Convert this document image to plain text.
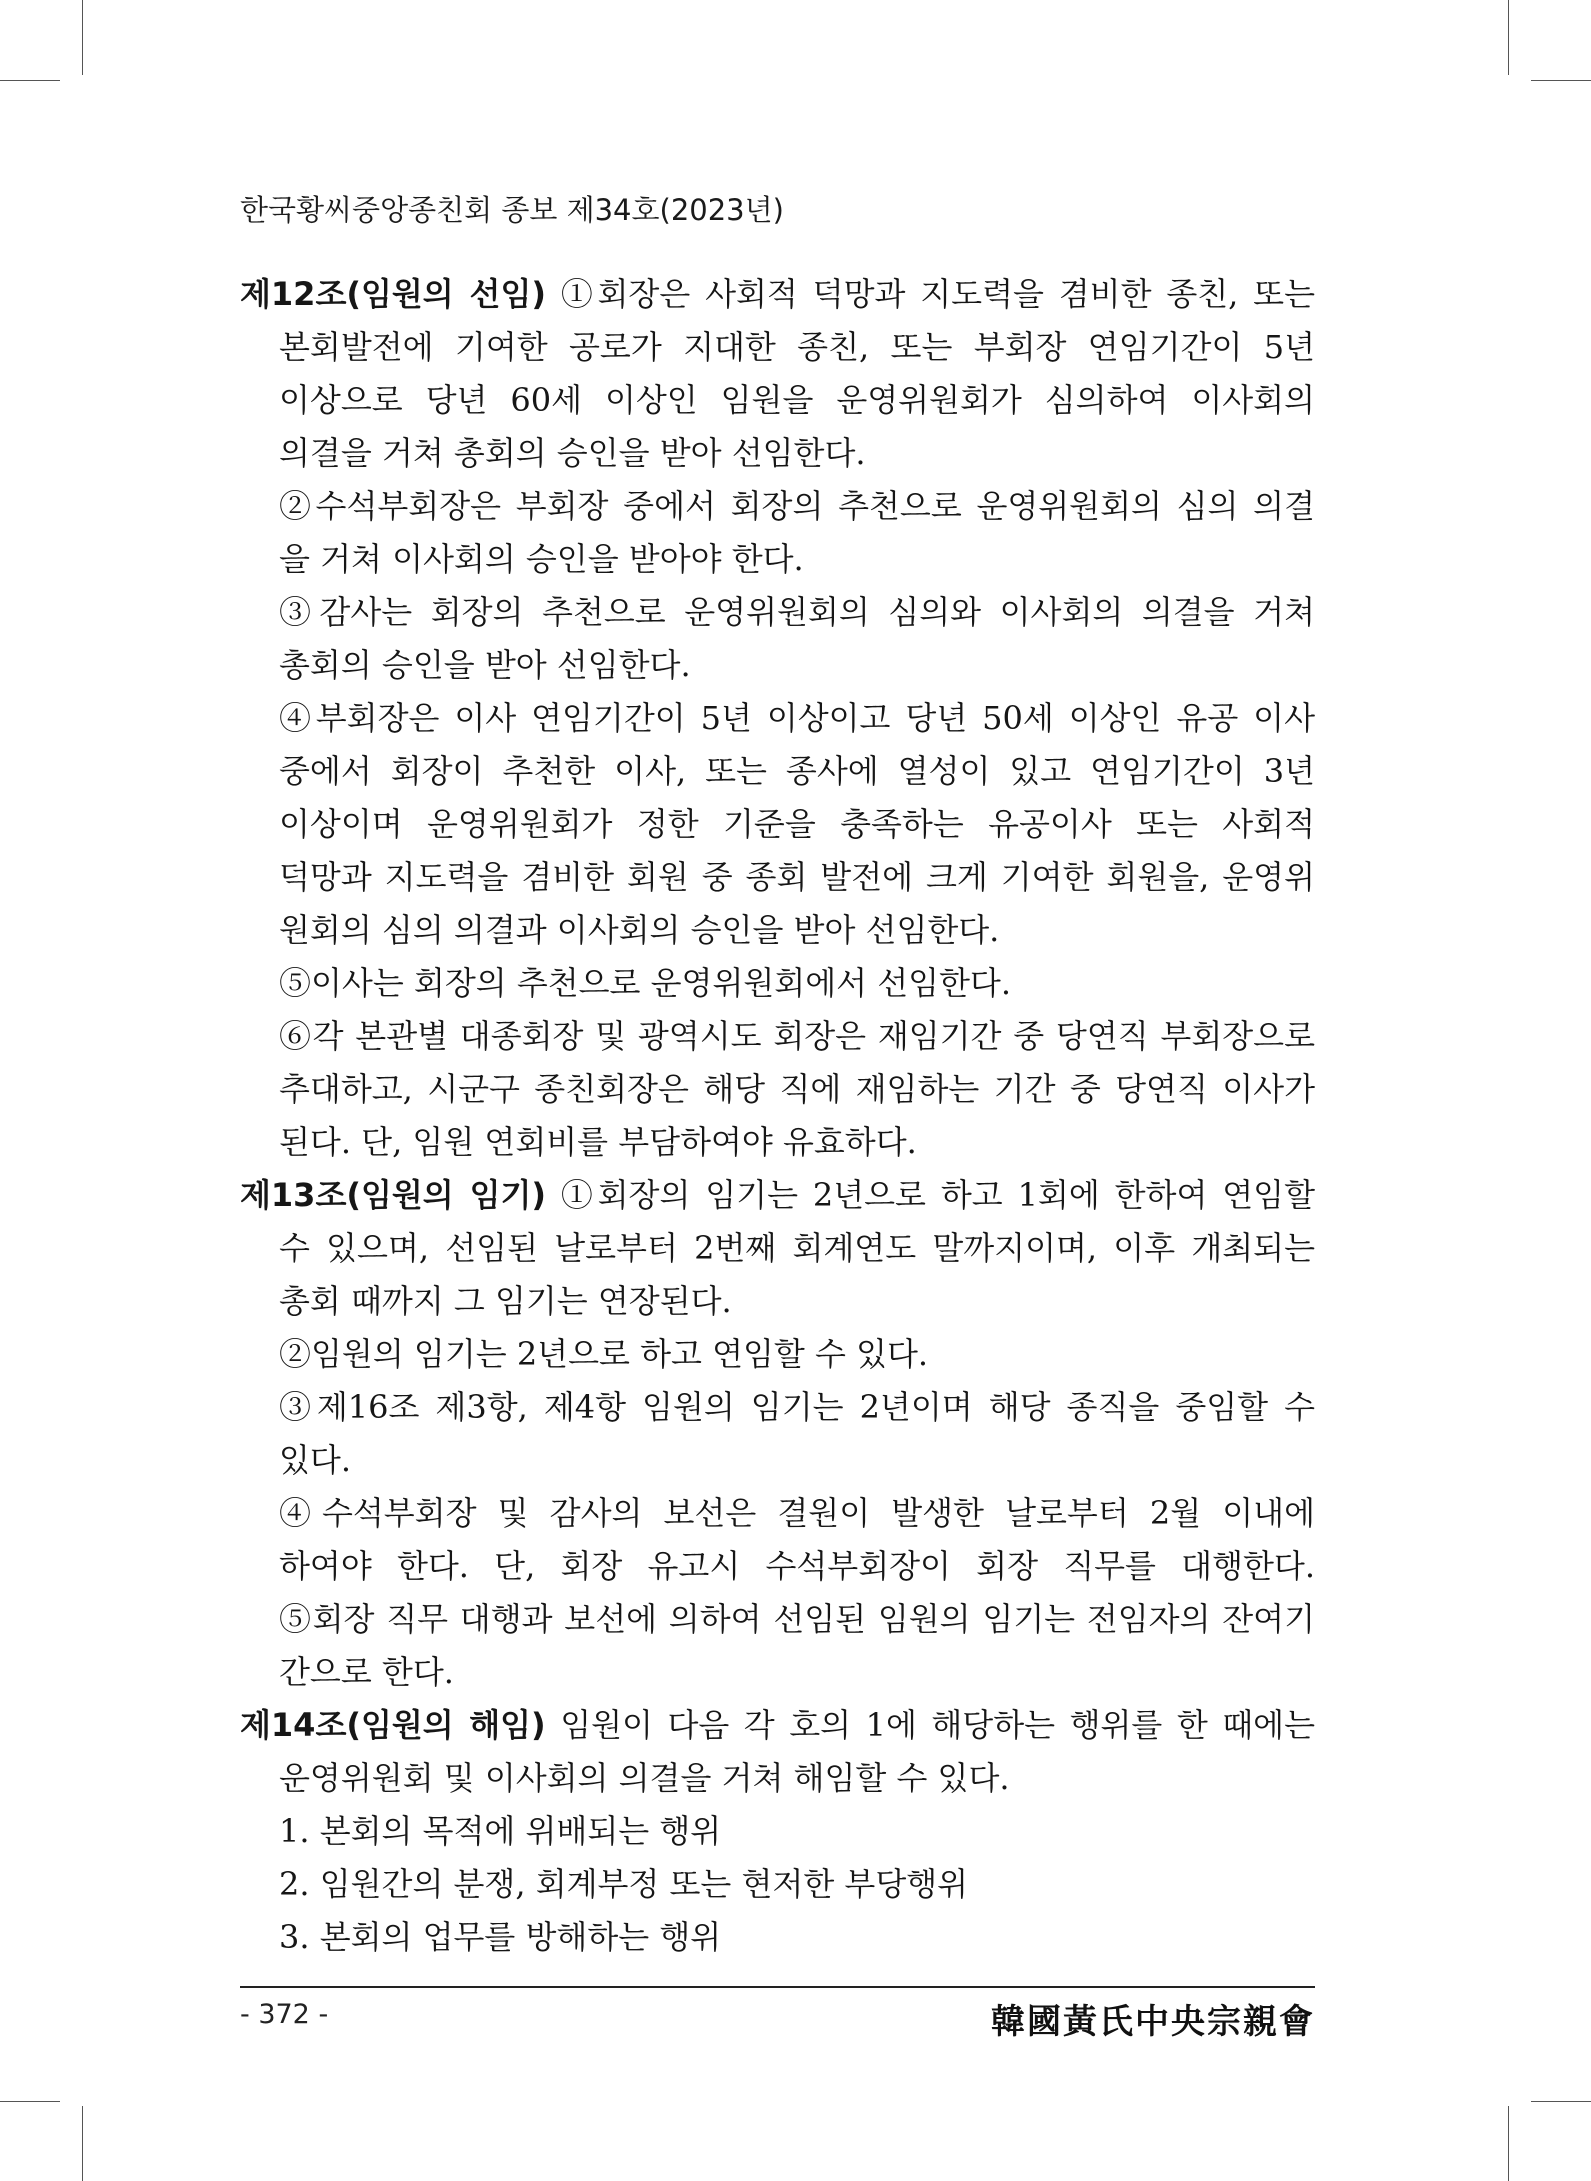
한국황씨중앙종친회 종보 제34호(2023년)
제12조(임원의 선임) ①회장은 사회적 덕망과 지도력을 겸비한 종친, 또는
본회발전에 기여한 공로가 지대한 종친, 또는 부회장 연임기간이 5년
이상으로 당년 60세 이상인 임원을 운영위원회가 심의하여 이사회의
의결을 거쳐 총회의 승인을 받아 선임한다.
②수석부회장은 부회장 중에서 회장의 추천으로 운영위원회의 심의 의결
을 거쳐 이사회의 승인을 받아야 한다.
③감사는 회장의 추천으로 운영위원회의 심의와 이사회의 의결을 거쳐
총회의 승인을 받아 선임한다.
④부회장은 이사 연임기간이 5년 이상이고 당년 50세 이상인 유공 이사
중에서 회장이 추천한 이사, 또는 종사에 열성이 있고 연임기간이 3년
이상이며 운영위원회가 정한 기준을 충족하는 유공이사 또는 사회적
덕망과 지도력을 겸비한 회원 중 종회 발전에 크게 기여한 회원을, 운영위
원회의 심의 의결과 이사회의 승인을 받아 선임한다.
⑤이사는 회장의 추천으로 운영위원회에서 선임한다.
⑥각 본관별 대종회장 및 광역시도 회장은 재임기간 중 당연직 부회장으로
추대하고, 시군구 종친회장은 해당 직에 재임하는 기간 중 당연직 이사가
된다. 단, 임원 연회비를 부담하여야 유효하다.
제13조(임원의 임기) ①회장의 임기는 2년으로 하고 1회에 한하여 연임할
수 있으며, 선임된 날로부터 2번째 회계연도 말까지이며, 이후 개최되는
총회 때까지 그 임기는 연장된다.
②임원의 임기는 2년으로 하고 연임할 수 있다.
③제16조 제3항, 제4항 임원의 임기는 2년이며 해당 종직을 중임할 수
있다.
④수석부회장 및 감사의 보선은 결원이 발생한 날로부터 2월 이내에
하여야 한다. 단, 회장 유고시 수석부회장이 회장 직무를 대행한다.
⑤회장 직무 대행과 보선에 의하여 선임된 임원의 임기는 전임자의 잔여기
간으로 한다.
제14조(임원의 해임) 임원이 다음 각 호의 1에 해당하는 행위를 한 때에는
운영위원회 및 이사회의 의결을 거쳐 해임할 수 있다.
1. 본회의 목적에 위배되는 행위
2. 임원간의 분쟁, 회계부정 또는 현저한 부당행위
3. 본회의 업무를 방해하는 행위
- 372 -	韓國黃氏中央宗親會
